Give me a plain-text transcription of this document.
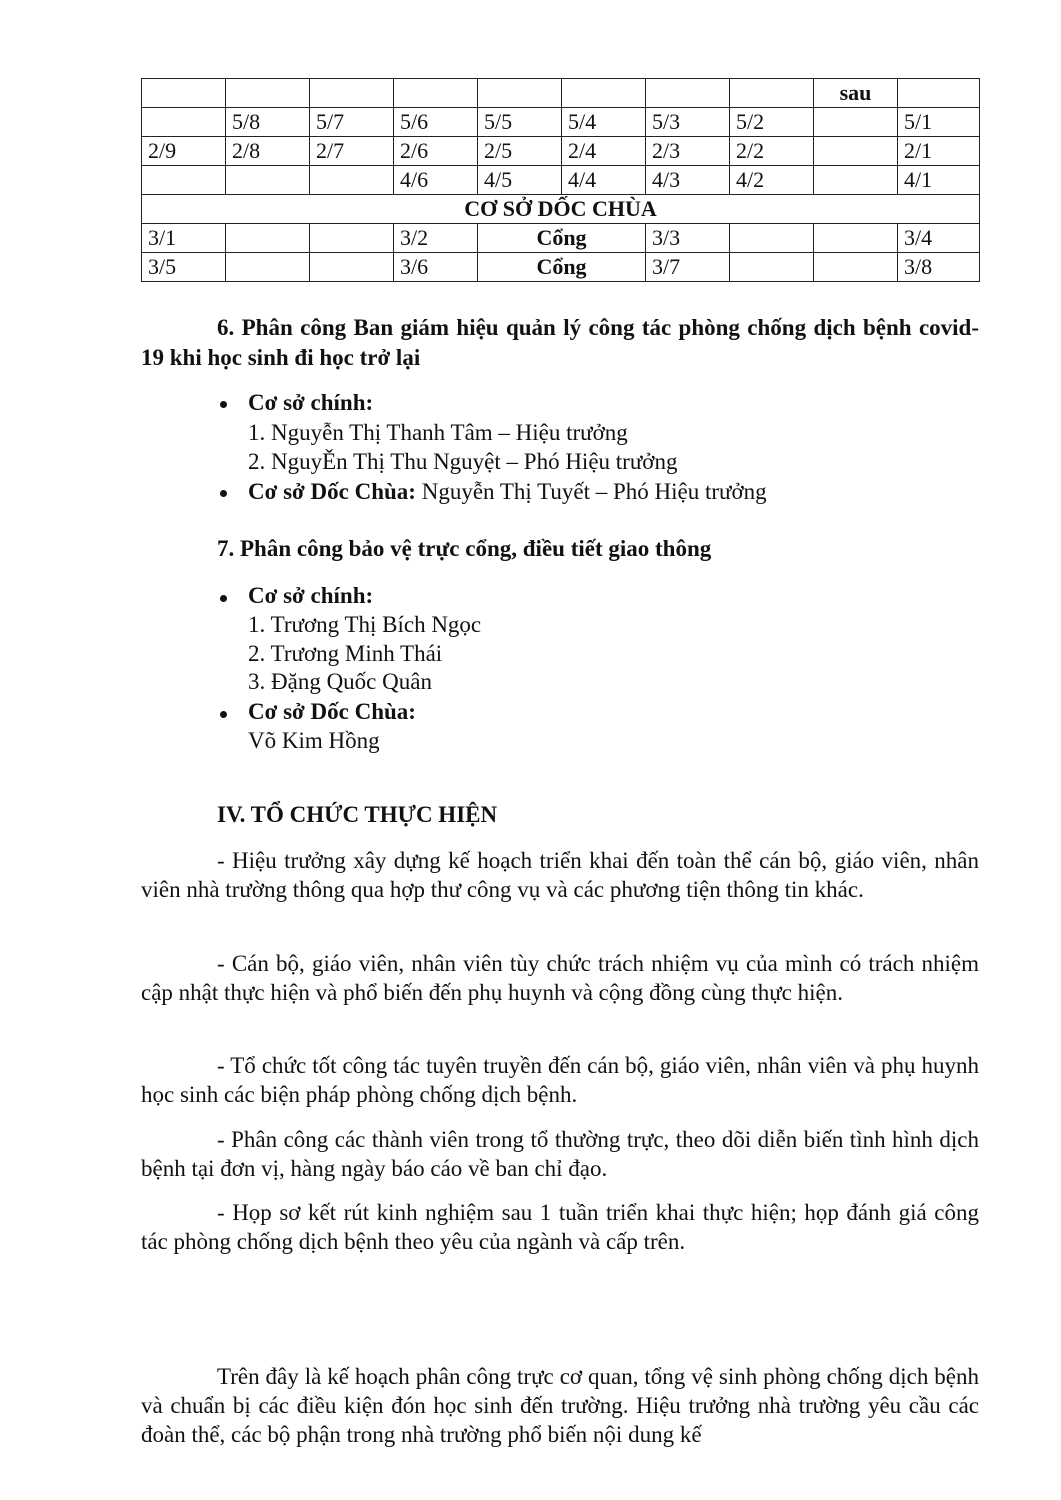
								sau	
	5/8	5/7	5/6	5/5	5/4	5/3	5/2		5/1
2/9	2/8	2/7	2/6	2/5	2/4	2/3	2/2		2/1
			4/6	4/5	4/4	4/3	4/2		4/1
CƠ SỞ DỐC CHÙA									
3/1			3/2	Cổng		3/3			3/4
3/5			3/6	Cổng		3/7			3/8
6. Phân công Ban giám hiệu quản lý công tác phòng chống dịch bệnh covid-19 khi học sinh đi học trở lại
Cơ sở chính:
1. Nguyễn Thị Thanh Tâm – Hiệu trưởng
2. NguyĚn Thị Thu Nguyệt – Phó Hiệu trưởng
Cơ sở Dốc Chùa: Nguyễn Thị Tuyết – Phó Hiệu trưởng
7. Phân công bảo vệ trực cổng, điều tiết giao thông
Cơ sở chính:
1. Trương Thị Bích Ngọc
2. Trương Minh Thái
3. Đặng Quốc Quân
Cơ sở Dốc Chùa:
Võ Kim Hồng
IV. TỔ CHỨC THỰC HIỆN
- Hiệu trưởng xây dựng kế hoạch triển khai đến toàn thể cán bộ, giáo viên, nhân viên nhà trường thông qua hợp thư công vụ và các phương tiện thông tin khác.
- Cán bộ, giáo viên, nhân viên tùy chức trách nhiệm vụ của mình có trách nhiệm cập nhật thực hiện và phổ biến đến phụ huynh và cộng đồng cùng thực hiện.
- Tổ chức tốt công tác tuyên truyền đến cán bộ, giáo viên, nhân viên và phụ huynh học sinh các biện pháp phòng chống dịch bệnh.
- Phân công các thành viên trong tổ thường trực, theo dõi diễn biến tình hình dịch bệnh tại đơn vị, hàng ngày báo cáo về ban chỉ đạo.
- Họp sơ kết rút kinh nghiệm sau 1 tuần triển khai thực hiện; họp đánh giá công tác phòng chống dịch bệnh theo yêu của ngành và cấp trên.
Trên đây là kế hoạch phân công trực cơ quan, tổng vệ sinh phòng chống dịch bệnh và chuẩn bị các điều kiện đón học sinh đến trường. Hiệu trưởng nhà trường yêu cầu các đoàn thể, các bộ phận trong nhà trường phổ biến nội dung kế
